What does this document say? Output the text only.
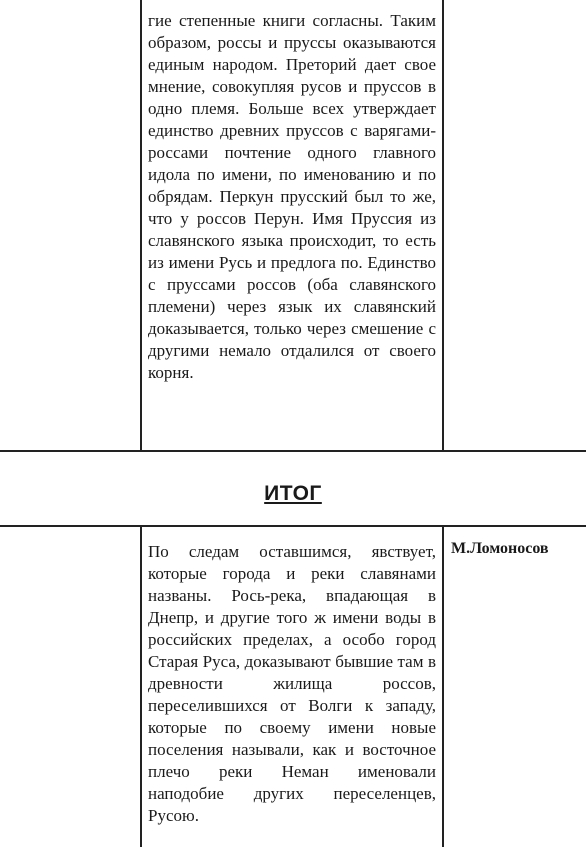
гие степенные книги согласны. Таким образом, россы и пруссы оказываются единым народом. Преторий дает свое мнение, совокупляя русов и пруссов в одно племя. Больше всех утверждает единство древних пруссов с варягами-россами почтение одного главного идола по имени, по именованию и по обрядам. Перкун прусский был то же, что у россов Перун. Имя Пруссия из славянского языка происходит, то есть из имени Русь и предлога по. Единство с пруссами россов (оба славянского племени) через язык их славянский доказывается, только через смешение с другими немало отдалился от своего корня.
ИТОГ
По следам оставшимся, явствует, которые города и реки славянами названы. Рось-река, впадающая в Днепр, и другие того ж имени воды в российских пределах, а особо город Старая Руса, доказывают бывшие там в древности жилища россов, переселившихся от Волги к западу, которые по своему имени новые поселения называли, как и восточное плечо реки Неман именовали наподобие других переселенцев, Русою.
М.Ломоносов
